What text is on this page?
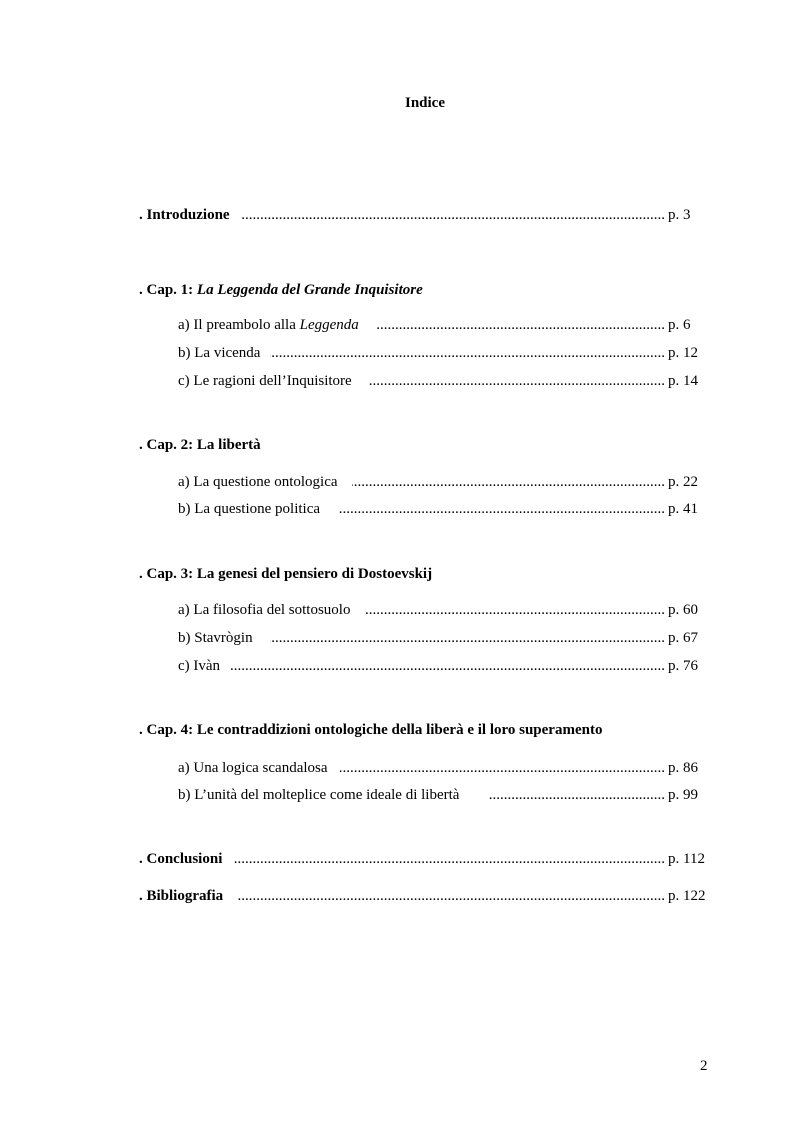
Indice
. Introduzione .....	p. 3
. Cap. 1: La Leggenda del Grande Inquisitore
a) Il preambolo alla Leggenda .....	p. 6
b) La vicenda .....	p. 12
c) Le ragioni dell’Inquisitore .....	p. 14
. Cap. 2: La libertà
a) La questione ontologica .....	p. 22
b) La questione politica .....	p. 41
. Cap. 3: La genesi del pensiero di Dostoevskij
a) La filosofia del sottosuolo .....	p. 60
b) Stavrògin .....	p. 67
c) Ivàn .....	p. 76
. Cap. 4: Le contraddizioni ontologiche della liberà e il loro superamento
a) Una logica scandalosa .....	p. 86
b) L’unità del molteplice come ideale di libertà .....	p. 99
. Conclusioni .....	p. 112
. Bibliografia .....	p. 122
2
